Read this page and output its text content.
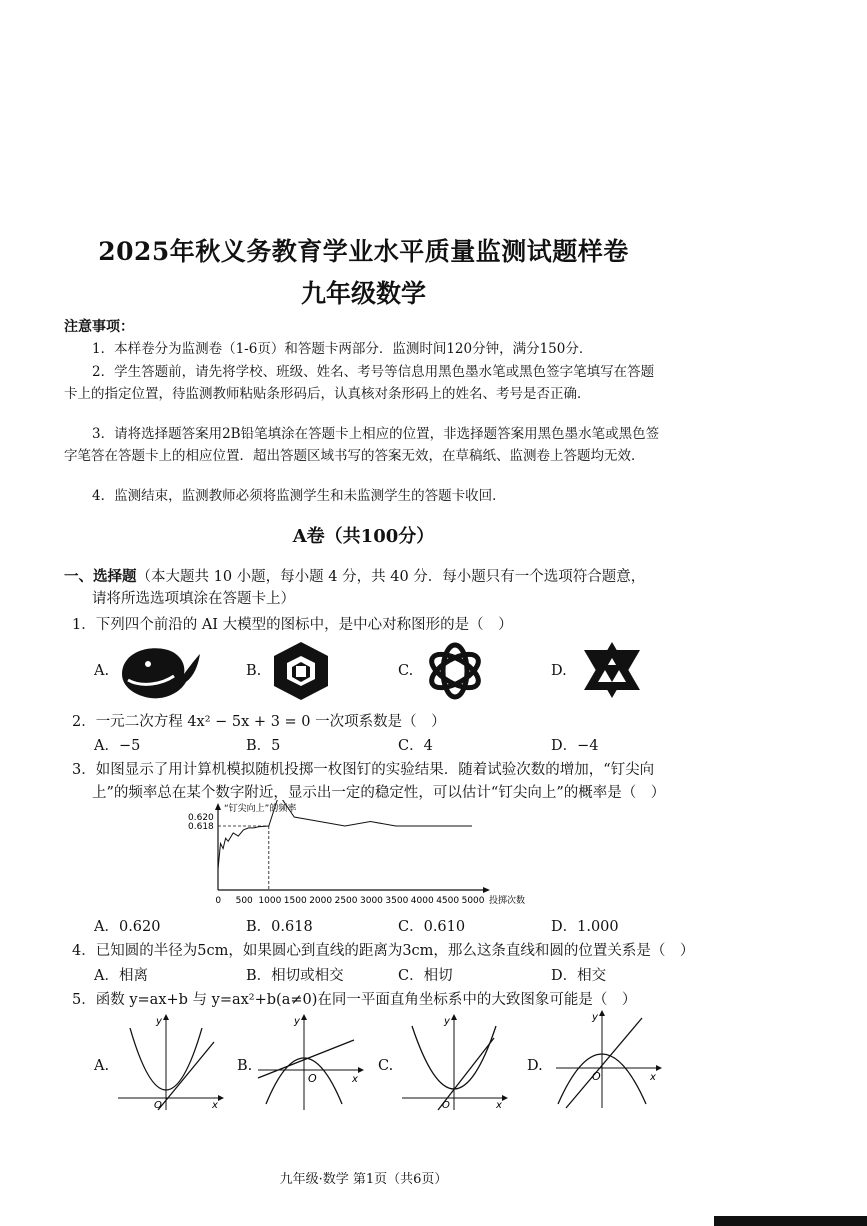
2025年秋义务教育学业水平质量监测试题样卷
九年级数学
注意事项：
1．本样卷分为监测卷（1-6页）和答题卡两部分．监测时间120分钟，满分150分．
2．学生答题前，请先将学校、班级、姓名、考号等信息用黑色墨水笔或黑色签字笔填写在答题卡上的指定位置，待监测教师粘贴条形码后，认真核对条形码上的姓名、考号是否正确．
3．请将选择题答案用2B铅笔填涂在答题卡上相应的位置，非选择题答案用黑色墨水笔或黑色签字笔答在答题卡上的相应位置．超出答题区域书写的答案无效，在草稿纸、监测卷上答题均无效．
4．监测结束，监测教师必须将监测学生和未监测学生的答题卡收回．
A卷（共100分）
一、选择题（本大题共 10 小题，每小题 4 分，共 40 分．每小题只有一个选项符合题意，
请将所选选项填涂在答题卡上）
1．下列四个前沿的 AI 大模型的图标中，是中心对称图形的是（　）
A.	B.	C.	D.
2．一元二次方程 4x² − 5x + 3 = 0 一次项系数是（　）
A．−5	B．5	C．4	D．−4
3．如图显示了用计算机模拟随机投掷一枚图钉的实验结果．随着试验次数的增加，“钉尖向
上”的频率总在某个数字附近，显示出一定的稳定性，可以估计“钉尖向上”的概率是（　）
“钉尖向上”的频率
0.620
0.618
0 500 1000 1500 2000 2500 3000 3500 4000 4500 5000 投掷次数
A．0.620	B．0.618	C．0.610	D．1.000
4．已知圆的半径为5cm，如果圆心到直线的距离为3cm，那么这条直线和圆的位置关系是（　）
A．相离	B．相切或相交	C．相切	D．相交
5．函数 y=ax+b 与 y=ax²+b(a≠0)在同一平面直角坐标系中的大致图象可能是（　）
A.	B.	C.	D.
y
x
O
y
x
O
y
x
O
y
x
O
九年级·数学 第1页（共6页）
